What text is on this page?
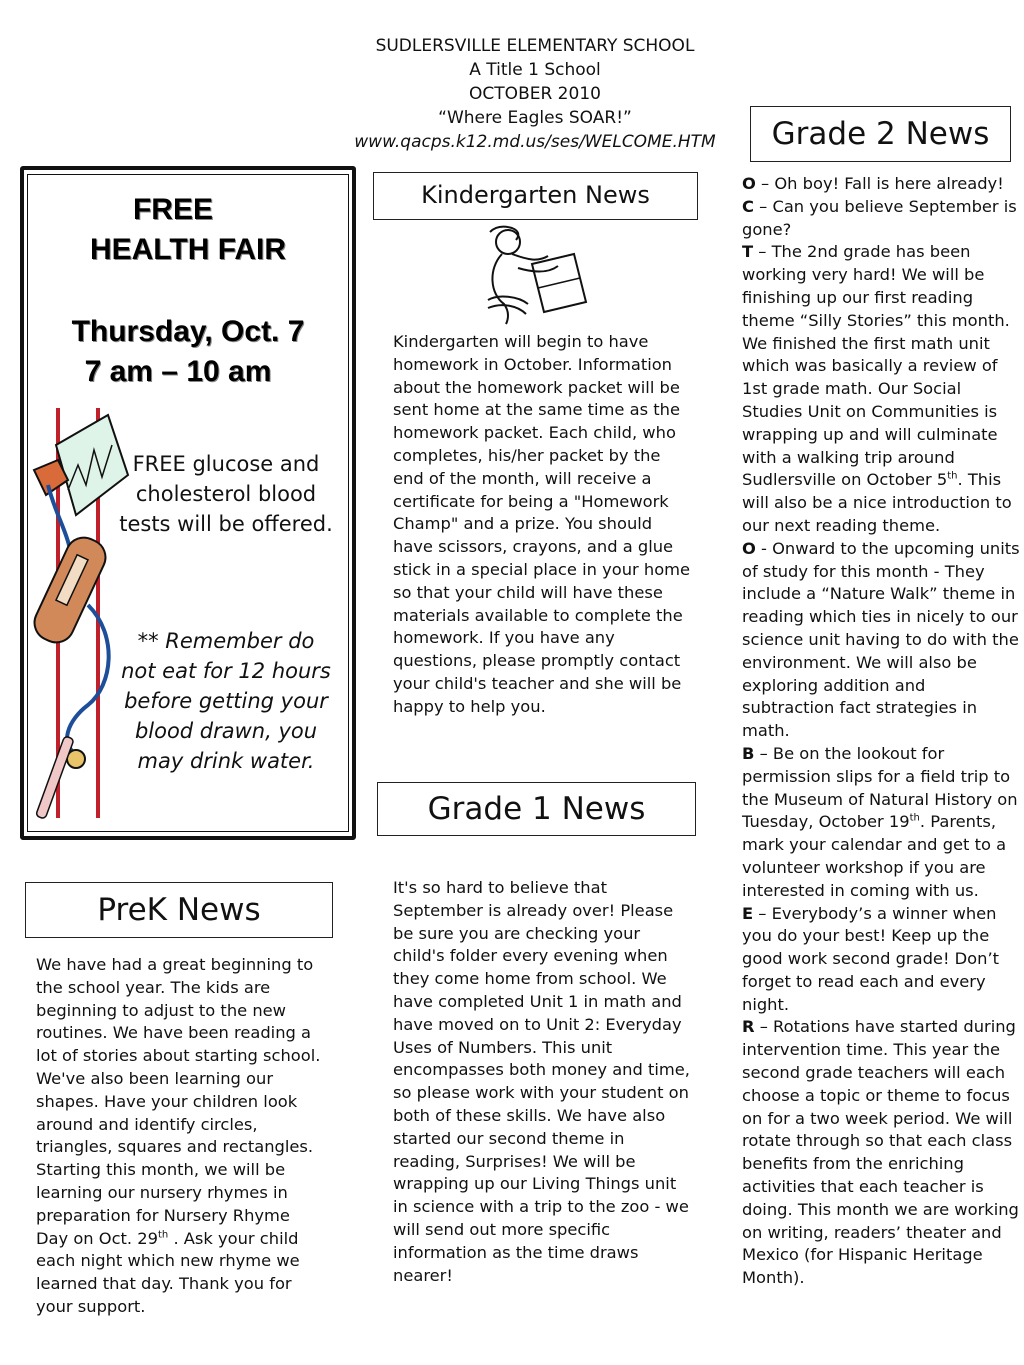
SUDLERSVILLE ELEMENTARY SCHOOL
A Title 1 School
OCTOBER 2010
“Where Eagles SOAR!”
www.qacps.k12.md.us/ses/WELCOME.HTM
FREE
HEALTH FAIR
Thursday, Oct. 7
7 am – 10 am
FREE glucose and cholesterol blood tests will be offered.
** Remember do not eat for 12 hours before getting your blood drawn, you may drink water.
Kindergarten News
Kindergarten will begin to have homework in October. Information about the homework packet will be sent home at the same time as the homework packet. Each child, who completes, his/her packet by the end of the month, will receive a certificate for being a "Homework Champ" and a prize. You should have scissors, crayons, and a glue stick in a special place in your home so that your child will have these materials available to complete the homework. If you have any questions, please promptly contact your child's teacher and she will be happy to help you.
Grade 1 News
It's so hard to believe that September is already over! Please be sure you are checking your child's folder every evening when they come home from school. We have completed Unit 1 in math and have moved on to Unit 2: Everyday Uses of Numbers. This unit encompasses both money and time, so please work with your student on both of these skills. We have also started our second theme in reading, Surprises! We will be wrapping up our Living Things unit in science with a trip to the zoo - we will send out more specific information as the time draws nearer!
PreK News
We have had a great beginning to the school year. The kids are beginning to adjust to the new routines. We have been reading a lot of stories about starting school. We've also been learning our shapes. Have your children look around and identify circles, triangles, squares and rectangles. Starting this month, we will be learning our nursery rhymes in preparation for Nursery Rhyme Day on Oct. 29th . Ask your child each night which new rhyme we learned that day. Thank you for your support.
Grade 2 News
O – Oh boy! Fall is here already!
C – Can you believe September is gone?
T – The 2nd grade has been working very hard! We will be finishing up our first reading theme “Silly Stories” this month. We finished the first math unit which was basically a review of 1st grade math. Our Social Studies Unit on Communities is wrapping up and will culminate with a walking trip around Sudlersville on October 5th. This will also be a nice introduction to our next reading theme.
O - Onward to the upcoming units of study for this month - They include a “Nature Walk” theme in reading which ties in nicely to our science unit having to do with the environment. We will also be exploring addition and subtraction fact strategies in math.
B – Be on the lookout for permission slips for a field trip to the Museum of Natural History on Tuesday, October 19th. Parents, mark your calendar and get to a volunteer workshop if you are interested in coming with us.
E – Everybody’s a winner when you do your best! Keep up the good work second grade! Don’t forget to read each and every night.
R – Rotations have started during intervention time. This year the second grade teachers will each choose a topic or theme to focus on for a two week period. We will rotate through so that each class benefits from the enriching activities that each teacher is doing. This month we are working on writing, readers’ theater and Mexico (for Hispanic Heritage Month).
